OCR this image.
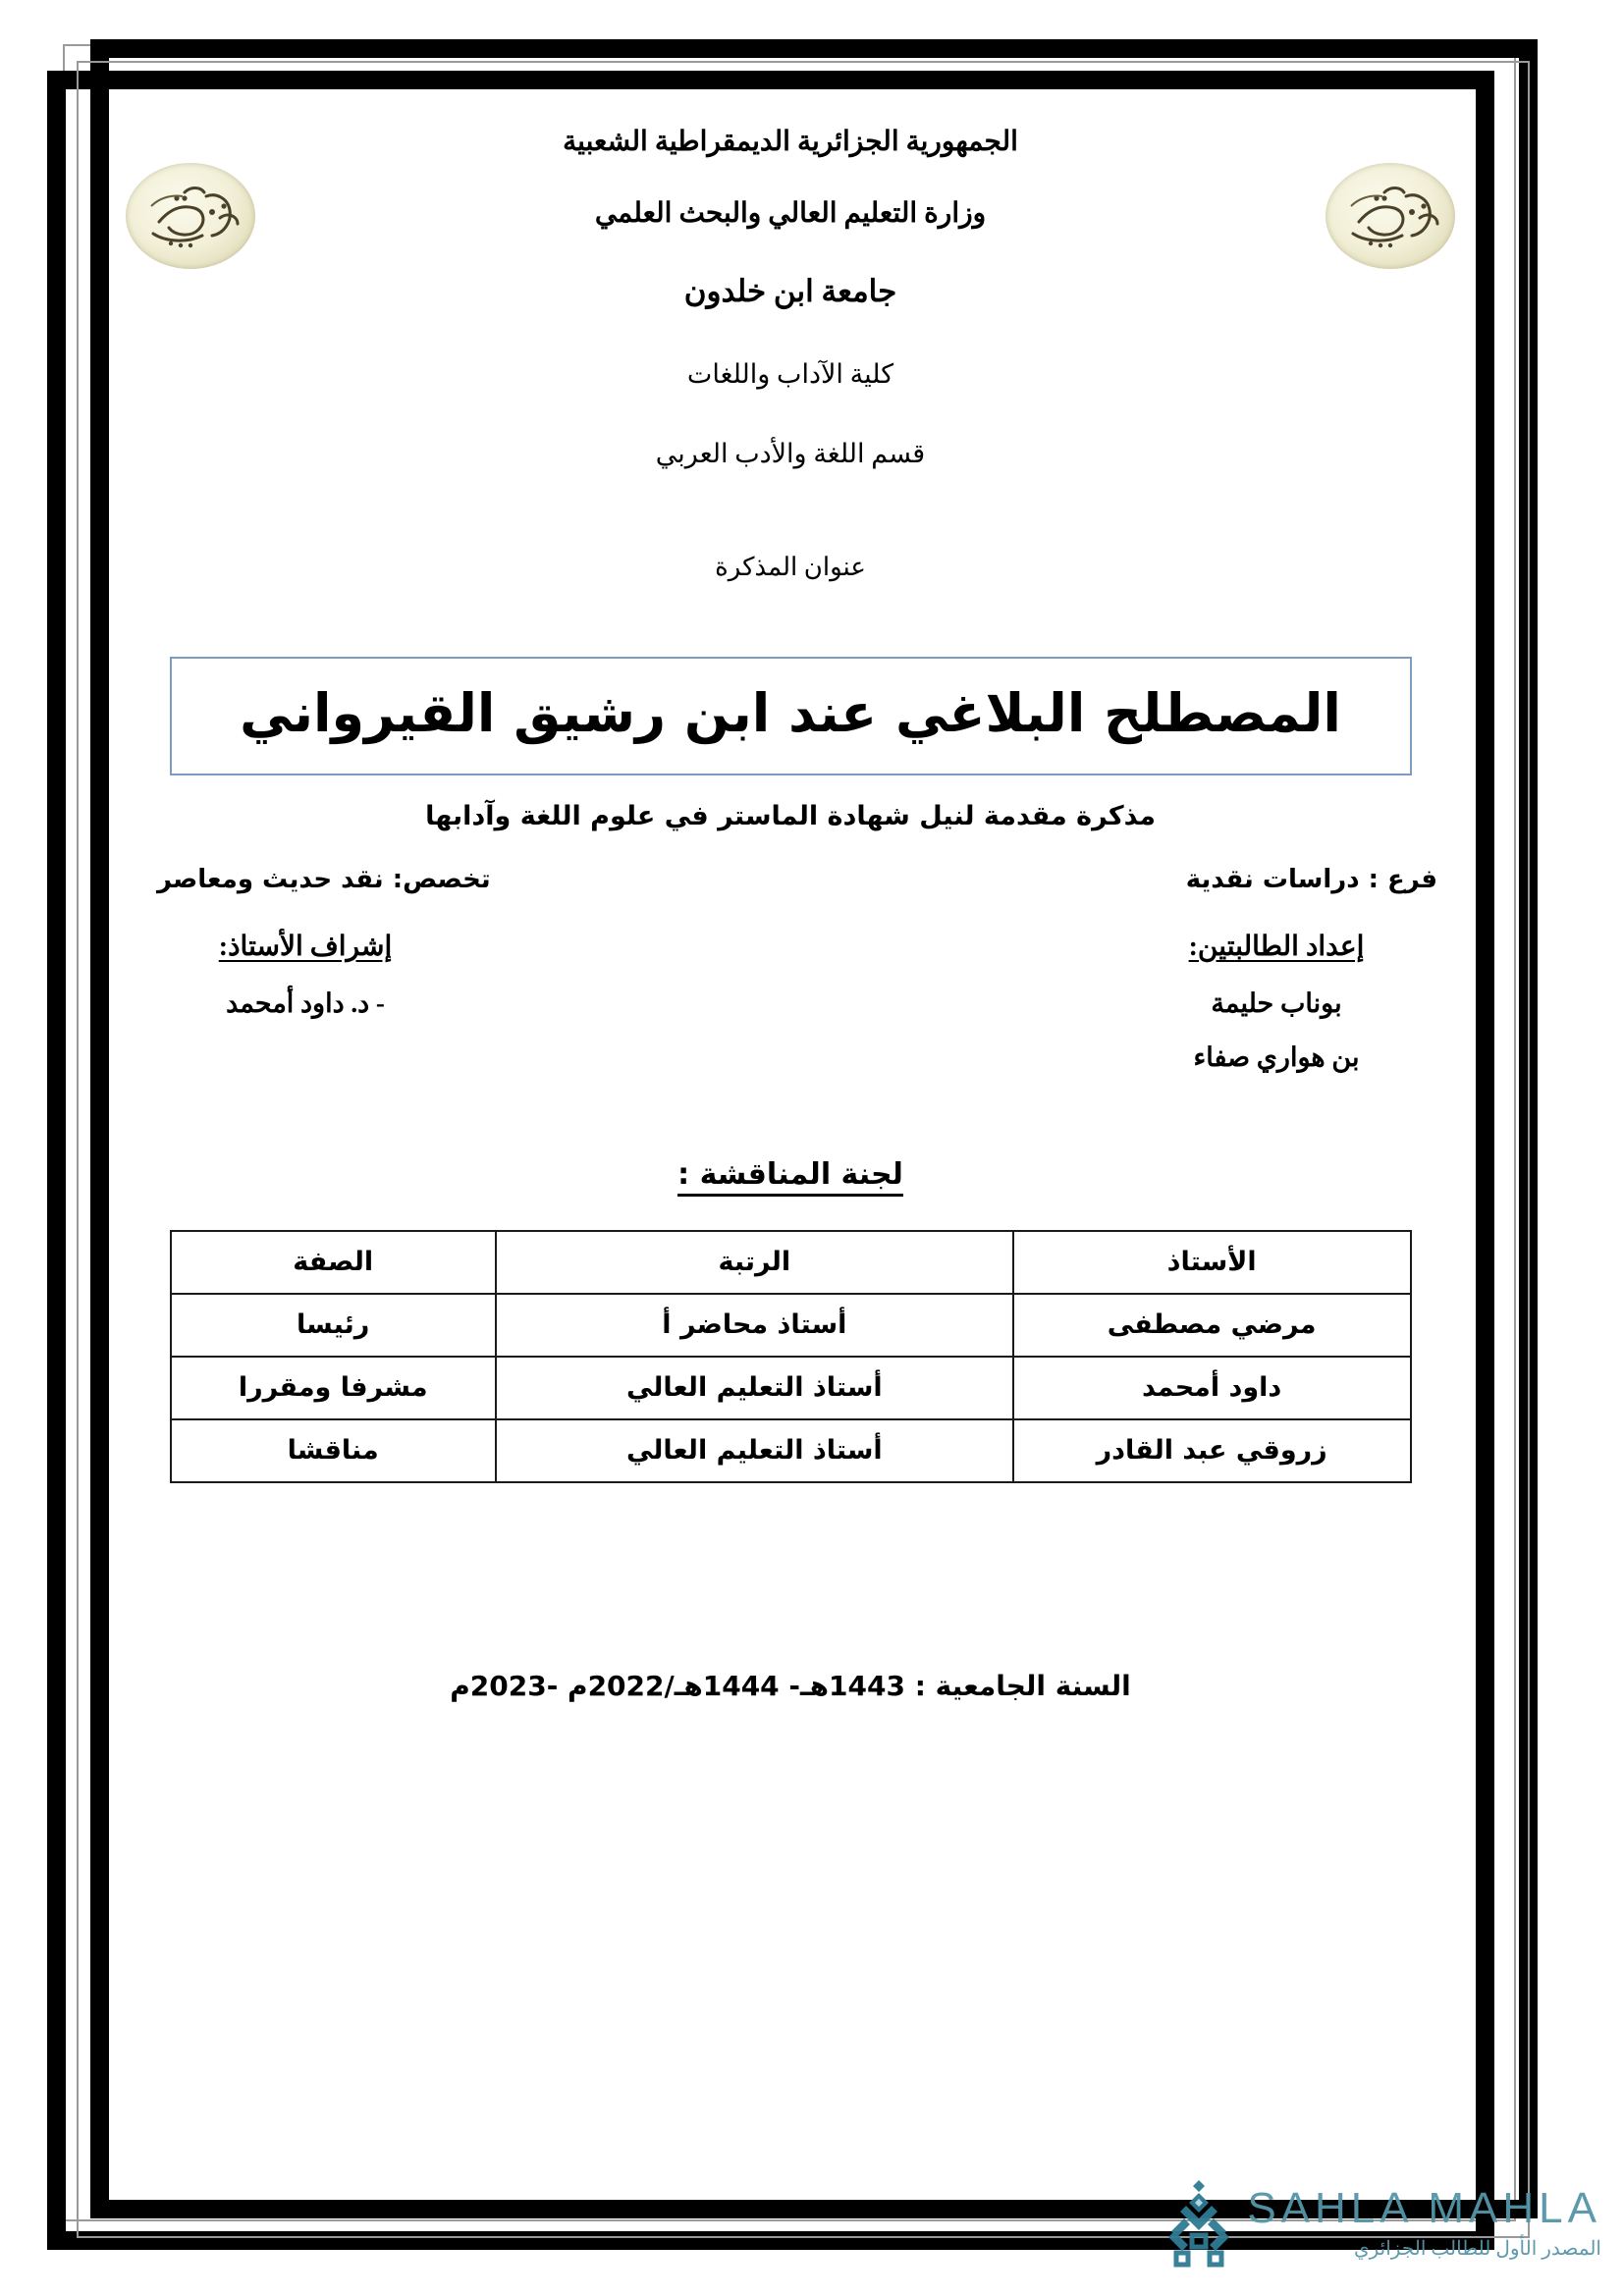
الجمهورية الجزائرية الديمقراطية الشعبية

وزارة التعليم العالي والبحث العلمي

جامعة ابن خلدون

كلية الآداب واللغات

قسم اللغة والأدب العربي

عنوان المذكرة

المصطلح البلاغي عند ابن رشيق القيرواني

مذكرة مقدمة لنيل شهادة الماستر في علوم اللغة وآدابها

فرع : دراسات نقدية
تخصص: نقد حديث ومعاصر

إعداد الطالبتين:

بوناب حليمة

بن هواري صفاء

إشراف الأستاذ:

- د. داود أمحمد

لجنة المناقشة :

الأستاذ	الرتبة	الصفة
مرضي مصطفى	أستاذ محاضر أ	رئيسا
داود أمحمد	أستاذ التعليم العالي	مشرفا ومقررا
زروقي عبد القادر	أستاذ التعليم العالي	مناقشا

السنة الجامعية : 1443هـ- 1444هـ/2022م -2023م

SAHLA MAHLA
المصدر الأول للطالب الجزائري
